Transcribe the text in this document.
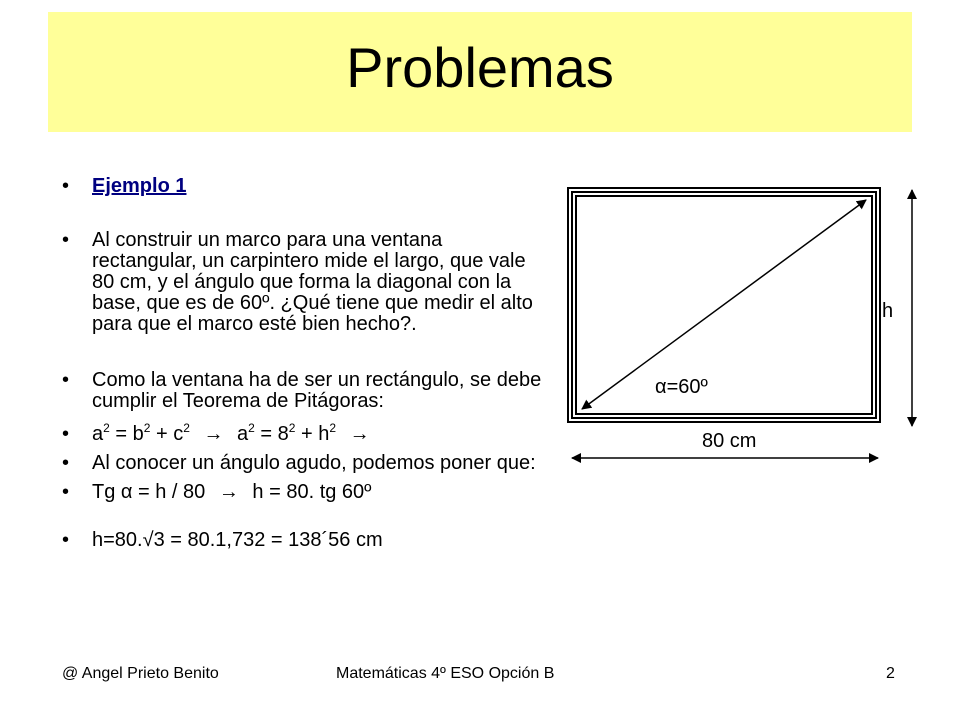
Problemas
• Ejemplo 1
• Al construir un marco para una ventana rectangular, un carpintero mide el largo, que vale 80 cm, y el ángulo que forma la diagonal con la base, que es de 60º. ¿Qué tiene que medir el alto para que el marco esté bien hecho?.
• Como la ventana ha de ser un rectángulo, se debe cumplir el Teorema de Pitágoras:
• $a^2 = b^2 + c^2 \to a^2 = 8^2 + h^2$ →
• Al conocer un ángulo agudo, podemos poner que:
• Tg α = h / 80 → h = 80. tg 60º
• h=80.√3 = 80.1,732 = 138´56 cm
h
α=60º
80 cm
@ Angel Prieto Benito	Matemáticas 4º ESO Opción B	2
